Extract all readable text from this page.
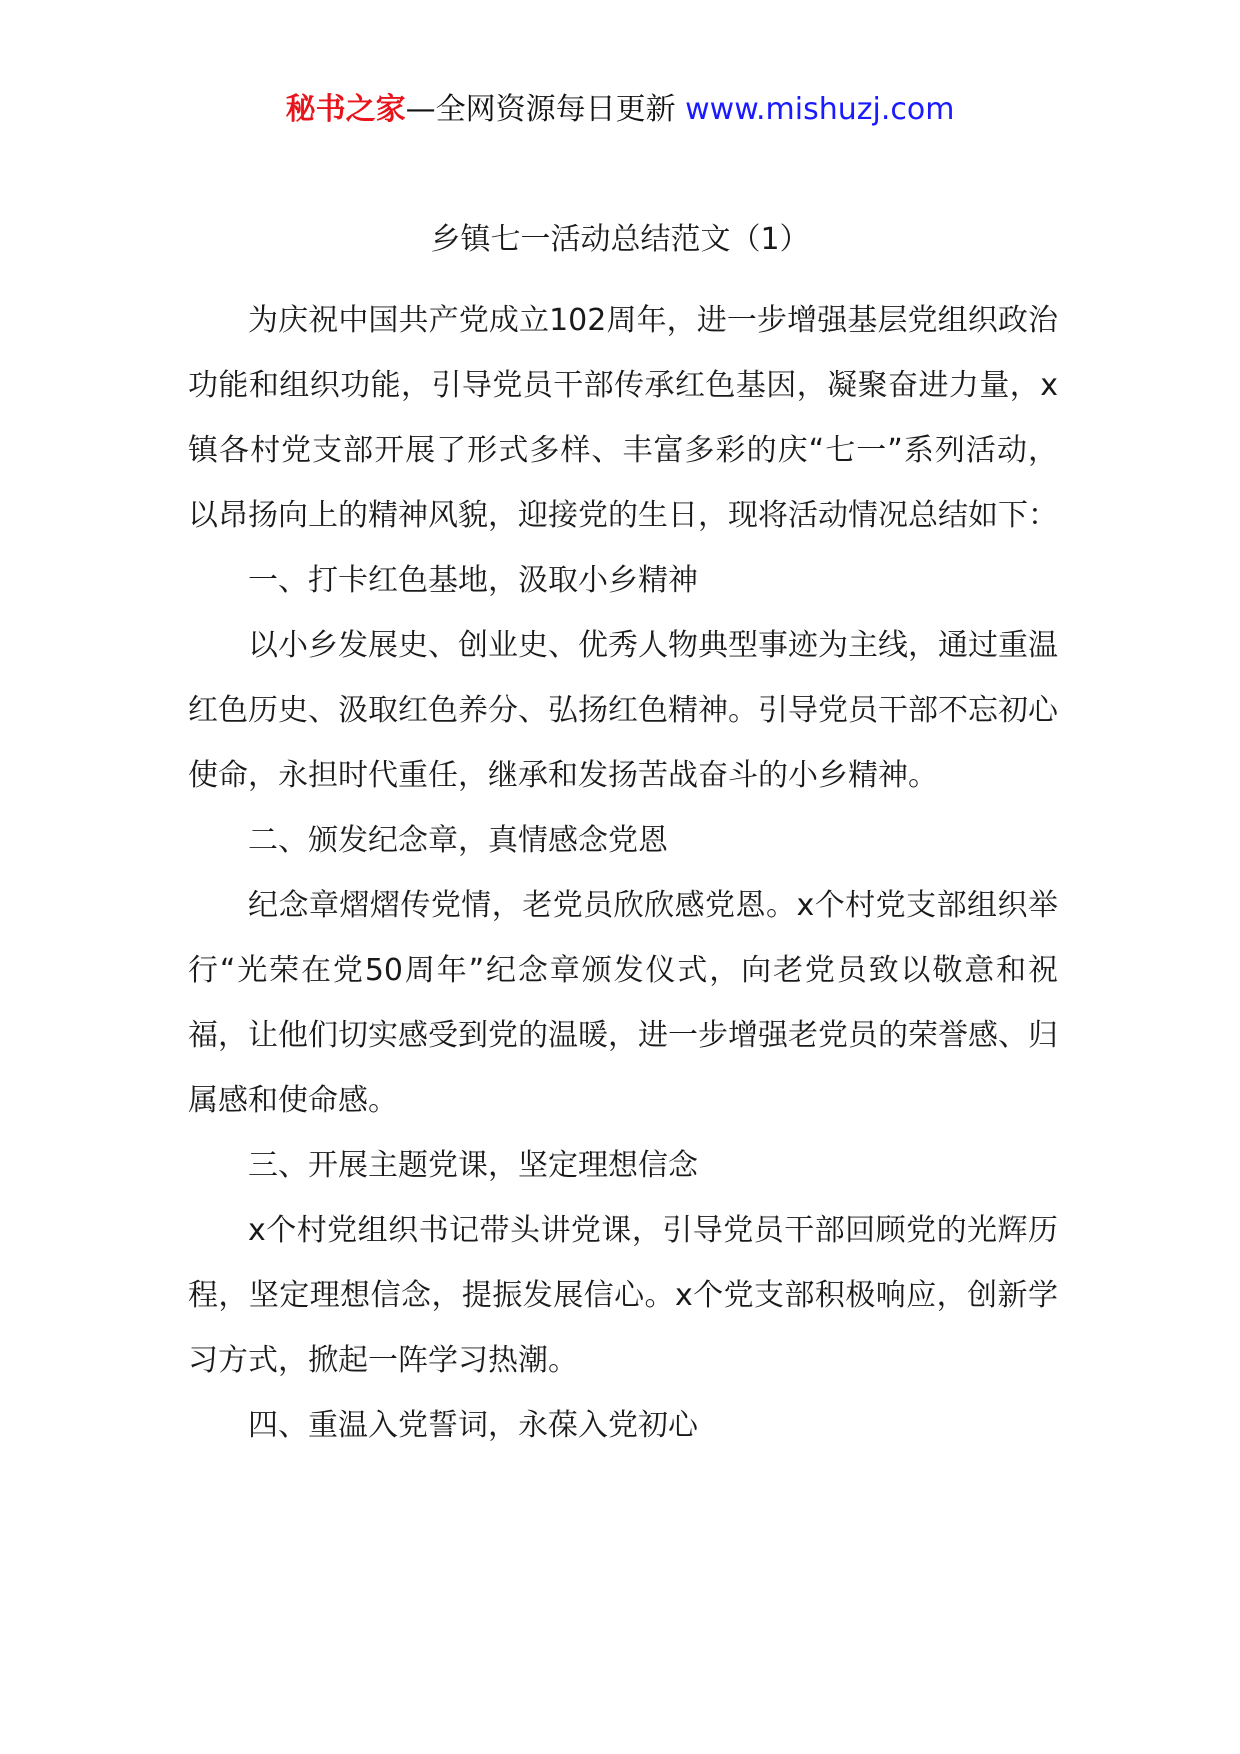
秘书之家—全网资源每日更新 www.mishuzj.com
乡镇七一活动总结范文（1）

为庆祝中国共产党成立102周年，进一步增强基层党组织政治功能和组织功能，引导党员干部传承红色基因，凝聚奋进力量，x镇各村党支部开展了形式多样、丰富多彩的庆“七一”系列活动，以昂扬向上的精神风貌，迎接党的生日，现将活动情况总结如下：

一、打卡红色基地，汲取小乡精神

以小乡发展史、创业史、优秀人物典型事迹为主线，通过重温红色历史、汲取红色养分、弘扬红色精神。引导党员干部不忘初心使命，永担时代重任，继承和发扬苦战奋斗的小乡精神。

二、颁发纪念章，真情感念党恩

纪念章熠熠传党情，老党员欣欣感党恩。x个村党支部组织举行“光荣在党50周年”纪念章颁发仪式，向老党员致以敬意和祝福，让他们切实感受到党的温暖，进一步增强老党员的荣誉感、归属感和使命感。

三、开展主题党课，坚定理想信念

x个村党组织书记带头讲党课，引导党员干部回顾党的光辉历程，坚定理想信念，提振发展信心。x个党支部积极响应，创新学习方式，掀起一阵学习热潮。

四、重温入党誓词，永葆入党初心
